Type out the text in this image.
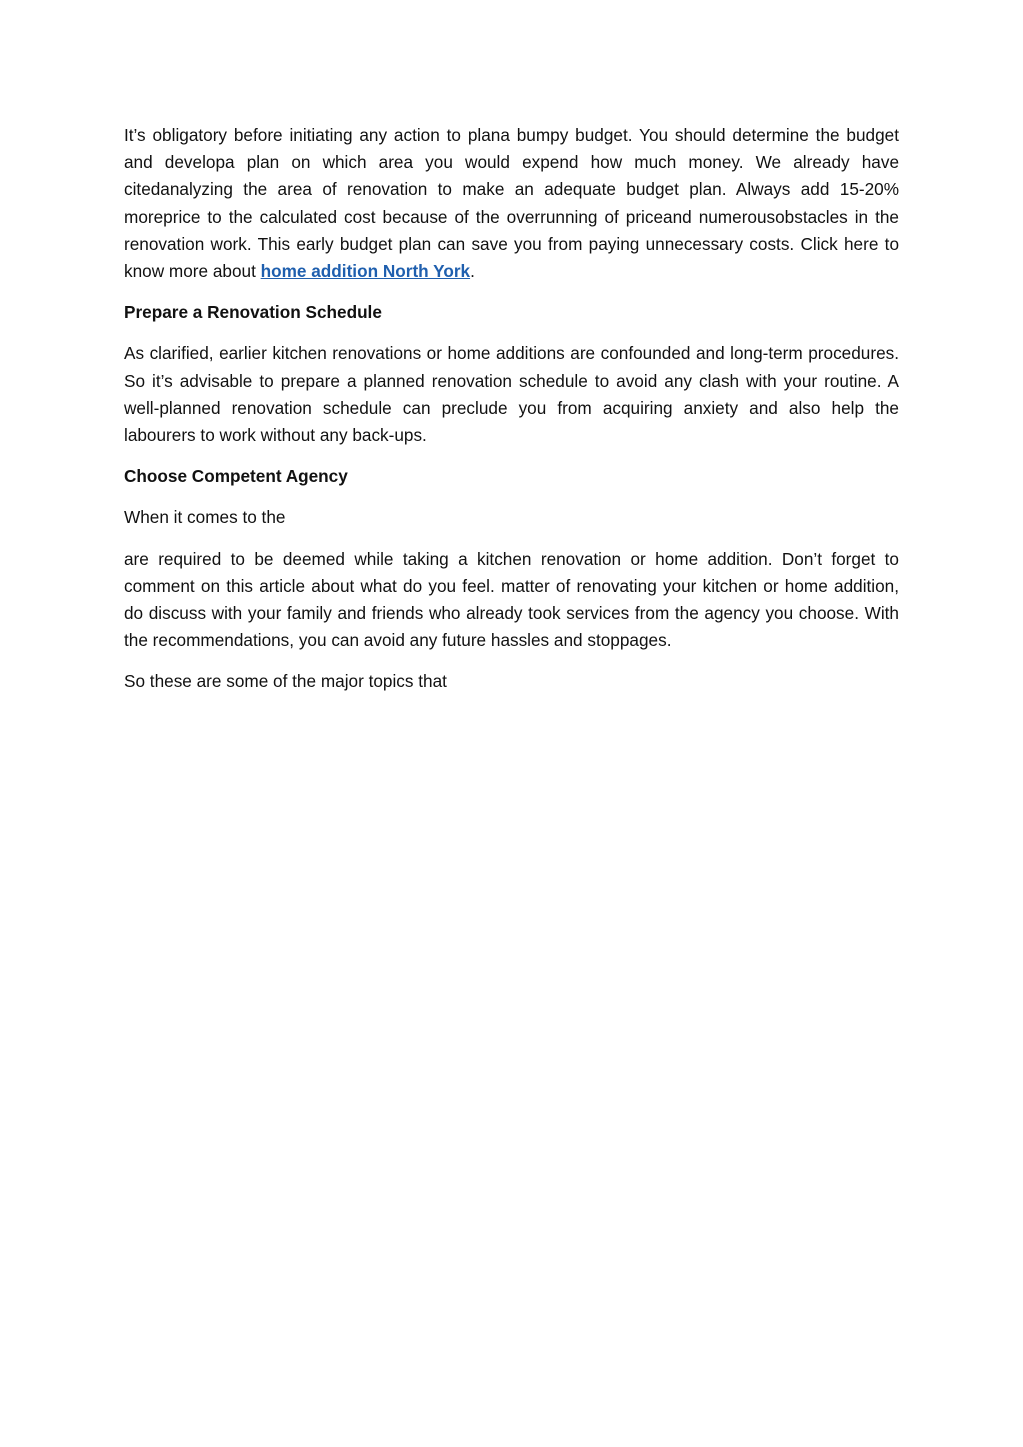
It’s obligatory before initiating any action to plana bumpy budget. You should determine the budget and developa plan on which area you would expend how much money. We already have citedanalyzing the area of renovation to make an adequate budget plan. Always add 15-20% moreprice to the calculated cost because of the overrunning of priceand numerousobstacles in the renovation work. This early budget plan can save you from paying unnecessary costs. Click here to know more about home addition North York.

Prepare a Renovation Schedule

As clarified, earlier kitchen renovations or home additions are confounded and long-term procedures. So it’s advisable to prepare a planned renovation schedule to avoid any clash with your routine. A well-planned renovation schedule can preclude you from acquiring anxiety and also help the labourers to work without any back-ups.

Choose Competent Agency

When it comes to the

are required to be deemed while taking a kitchen renovation or home addition. Don’t forget to comment on this article about what do you feel. matter of renovating your kitchen or home addition, do discuss with your family and friends who already took services from the agency you choose. With the recommendations, you can avoid any future hassles and stoppages.

So these are some of the major topics that
